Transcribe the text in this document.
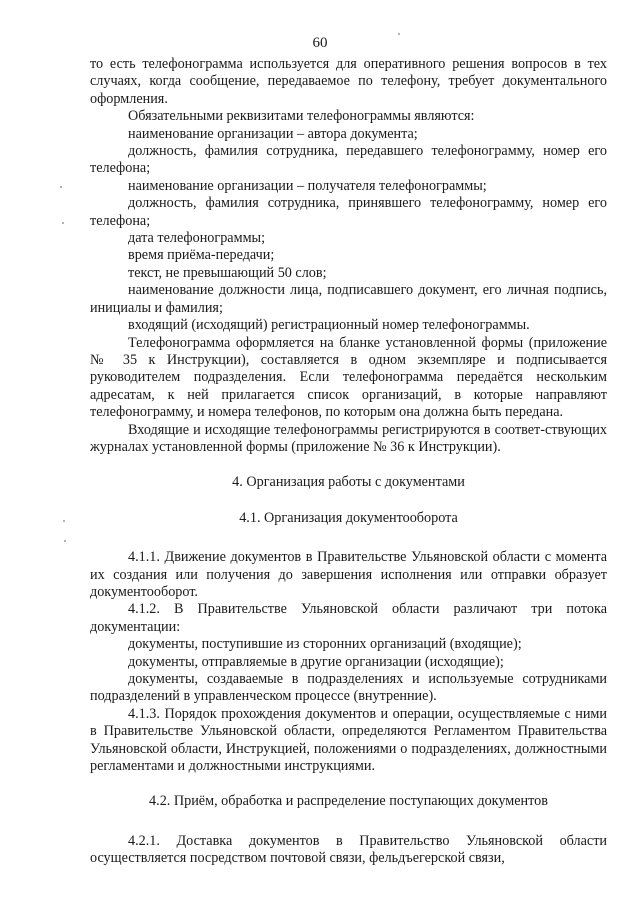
60

то есть телефонограмма используется для оперативного решения вопросов в тех случаях, когда сообщение, передаваемое по телефону, требует документального оформления.

Обязательными реквизитами телефонограммы являются:

наименование организации – автора документа;

должность, фамилия сотрудника, передавшего телефонограмму, номер его телефона;

наименование организации – получателя телефонограммы;

должность, фамилия сотрудника, принявшего телефонограмму, номер его телефона;

дата телефонограммы;

время приёма-передачи;

текст, не превышающий 50 слов;

наименование должности лица, подписавшего документ, его личная подпись, инициалы и фамилия;

входящий (исходящий) регистрационный номер телефонограммы.

Телефонограмма оформляется на бланке установленной формы (приложение № 35 к Инструкции), составляется в одном экземпляре и подписывается руководителем подразделения. Если телефонограмма передаётся нескольким адресатам, к ней прилагается список организаций, в которые направляют телефонограмму, и номера телефонов, по которым она должна быть передана.

Входящие и исходящие телефонограммы регистрируются в соответ-ствующих журналах установленной формы (приложение № 36 к Инструкции).

4. Организация работы с документами
4.1. Организация документооборота

4.1.1. Движение документов в Правительстве Ульяновской области с момента их создания или получения до завершения исполнения или отправки образует документооборот.

4.1.2. В Правительстве Ульяновской области различают три потока документации:

документы, поступившие из сторонних организаций (входящие);

документы, отправляемые в другие организации (исходящие);

документы, создаваемые в подразделениях и используемые сотрудниками подразделений в управленческом процессе (внутренние).

4.1.3. Порядок прохождения документов и операции, осуществляемые с ними в Правительстве Ульяновской области, определяются Регламентом Правительства Ульяновской области, Инструкцией, положениями о подразделениях, должностными регламентами и должностными инструкциями.

4.2. Приём, обработка и распределение поступающих документов

4.2.1. Доставка документов в Правительство Ульяновской области осуществляется посредством почтовой связи, фельдъегерской связи,
